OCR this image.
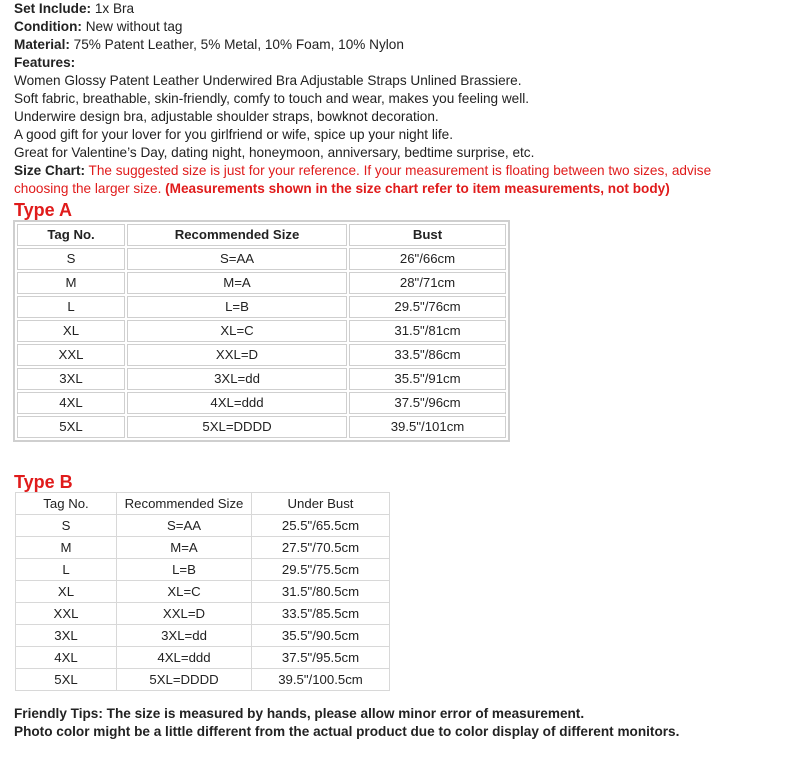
Set Include: 1x Bra
Condition: New without tag
Material: 75% Patent Leather, 5% Metal, 10% Foam, 10% Nylon
Features:
Women Glossy Patent Leather Underwired Bra Adjustable Straps Unlined Brassiere.
Soft fabric, breathable, skin-friendly, comfy to touch and wear, makes you feeling well.
Underwire design bra, adjustable shoulder straps, bowknot decoration.
A good gift for your lover for you girlfriend or wife, spice up your night life.
Great for Valentine’s Day, dating night, honeymoon, anniversary, bedtime surprise, etc.
Size Chart: The suggested size is just for your reference. If your measurement is floating between two sizes, advise choosing the larger size. (Measurements shown in the size chart refer to item measurements, not body)
Type A
Tag No.	Recommended Size	Bust
S	S=AA	26"/66cm
M	M=A	28"/71cm
L	L=B	29.5"/76cm
XL	XL=C	31.5"/81cm
XXL	XXL=D	33.5"/86cm
3XL	3XL=dd	35.5"/91cm
4XL	4XL=ddd	37.5"/96cm
5XL	5XL=DDDD	39.5"/101cm
Type B
Tag No.	Recommended Size	Under Bust
S	S=AA	25.5"/65.5cm
M	M=A	27.5"/70.5cm
L	L=B	29.5"/75.5cm
XL	XL=C	31.5"/80.5cm
XXL	XXL=D	33.5"/85.5cm
3XL	3XL=dd	35.5"/90.5cm
4XL	4XL=ddd	37.5"/95.5cm
5XL	5XL=DDDD	39.5"/100.5cm
Friendly Tips: The size is measured by hands, please allow minor error of measurement.
Photo color might be a little different from the actual product due to color display of different monitors.
